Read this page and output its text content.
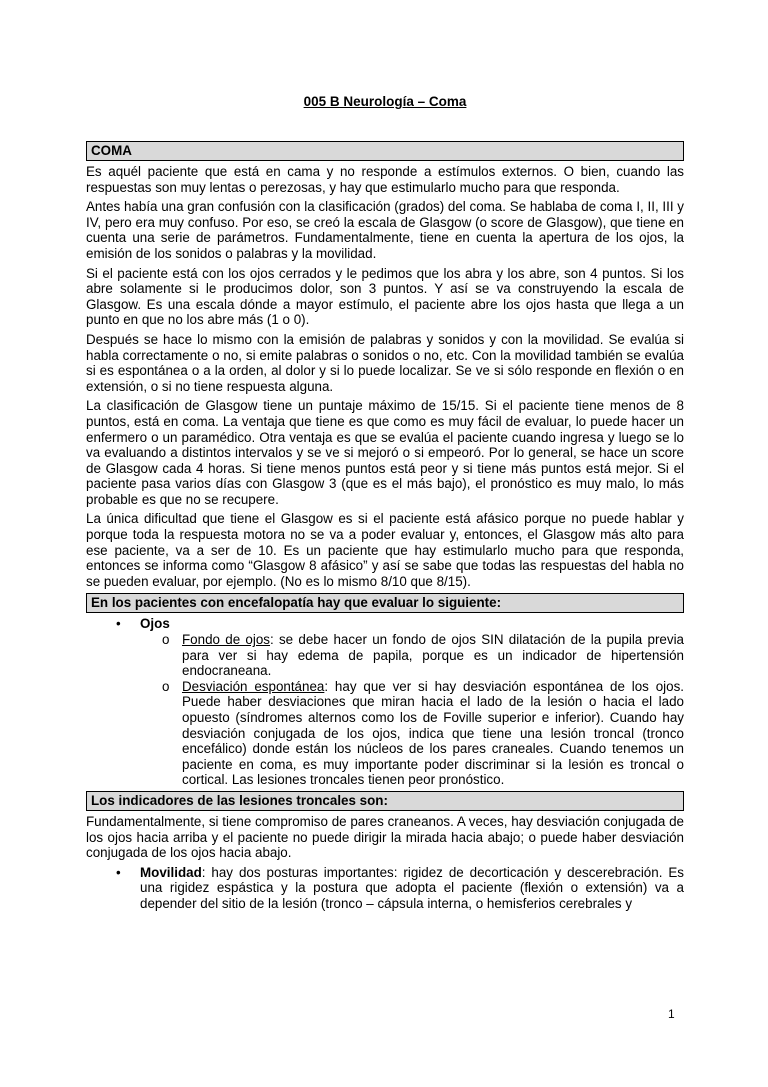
005 B Neurología – Coma
COMA

Es aquél paciente que está en cama y no responde a estímulos externos. O bien, cuando las respuestas son muy lentas o perezosas, y hay que estimularlo mucho para que responda.

Antes había una gran confusión con la clasificación (grados) del coma. Se hablaba de coma I, II, III y IV, pero era muy confuso. Por eso, se creó la escala de Glasgow (o score de Glasgow), que tiene en cuenta una serie de parámetros. Fundamentalmente, tiene en cuenta la apertura de los ojos, la emisión de los sonidos o palabras y la movilidad.

Si el paciente está con los ojos cerrados y le pedimos que los abra y los abre, son 4 puntos. Si los abre solamente si le producimos dolor, son 3 puntos. Y así se va construyendo la escala de Glasgow. Es una escala dónde a mayor estímulo, el paciente abre los ojos hasta que llega a un punto en que no los abre más (1 o 0).

Después se hace lo mismo con la emisión de palabras y sonidos y con la movilidad. Se evalúa si habla correctamente o no, si emite palabras o sonidos o no, etc. Con la movilidad también se evalúa si es espontánea o a la orden, al dolor y si lo puede localizar. Se ve si sólo responde en flexión o en extensión, o si no tiene respuesta alguna.

La clasificación de Glasgow tiene un puntaje máximo de 15/15. Si el paciente tiene menos de 8 puntos, está en coma. La ventaja que tiene es que como es muy fácil de evaluar, lo puede hacer un enfermero o un paramédico. Otra ventaja es que se evalúa el paciente cuando ingresa y luego se lo va evaluando a distintos intervalos y se ve si mejoró o si empeoró. Por lo general, se hace un score de Glasgow cada 4 horas. Si tiene menos puntos está peor y si tiene más puntos está mejor. Si el paciente pasa varios días con Glasgow 3 (que es el más bajo), el pronóstico es muy malo, lo más probable es que no se recupere.

La única dificultad que tiene el Glasgow es si el paciente está afásico porque no puede hablar y porque toda la respuesta motora no se va a poder evaluar y, entonces, el Glasgow más alto para ese paciente, va a ser de 10. Es un paciente que hay estimularlo mucho para que responda, entonces se informa como “Glasgow 8 afásico” y así se sabe que todas las respuestas del habla no se pueden evaluar, por ejemplo. (No es lo mismo 8/10 que 8/15).

En los pacientes con encefalopatía hay que evaluar lo siguiente:
• Ojos
o Fondo de ojos: se debe hacer un fondo de ojos SIN dilatación de la pupila previa para ver si hay edema de papila, porque es un indicador de hipertensión endocraneana.
o Desviación espontánea: hay que ver si hay desviación espontánea de los ojos. Puede haber desviaciones que miran hacia el lado de la lesión o hacia el lado opuesto (síndromes alternos como los de Foville superior e inferior). Cuando hay desviación conjugada de los ojos, indica que tiene una lesión troncal (tronco encefálico) donde están los núcleos de los pares craneales. Cuando tenemos un paciente en coma, es muy importante poder discriminar si la lesión es troncal o cortical. Las lesiones troncales tienen peor pronóstico.
Los indicadores de las lesiones troncales son:

Fundamentalmente, si tiene compromiso de pares craneanos. A veces, hay desviación conjugada de los ojos hacia arriba y el paciente no puede dirigir la mirada hacia abajo; o puede haber desviación conjugada de los ojos hacia abajo.

• Movilidad: hay dos posturas importantes: rigidez de decorticación y descerebración. Es una rigidez espástica y la postura que adopta el paciente (flexión o extensión) va a depender del sitio de la lesión (tronco – cápsula interna, o hemisferios cerebrales y
1
